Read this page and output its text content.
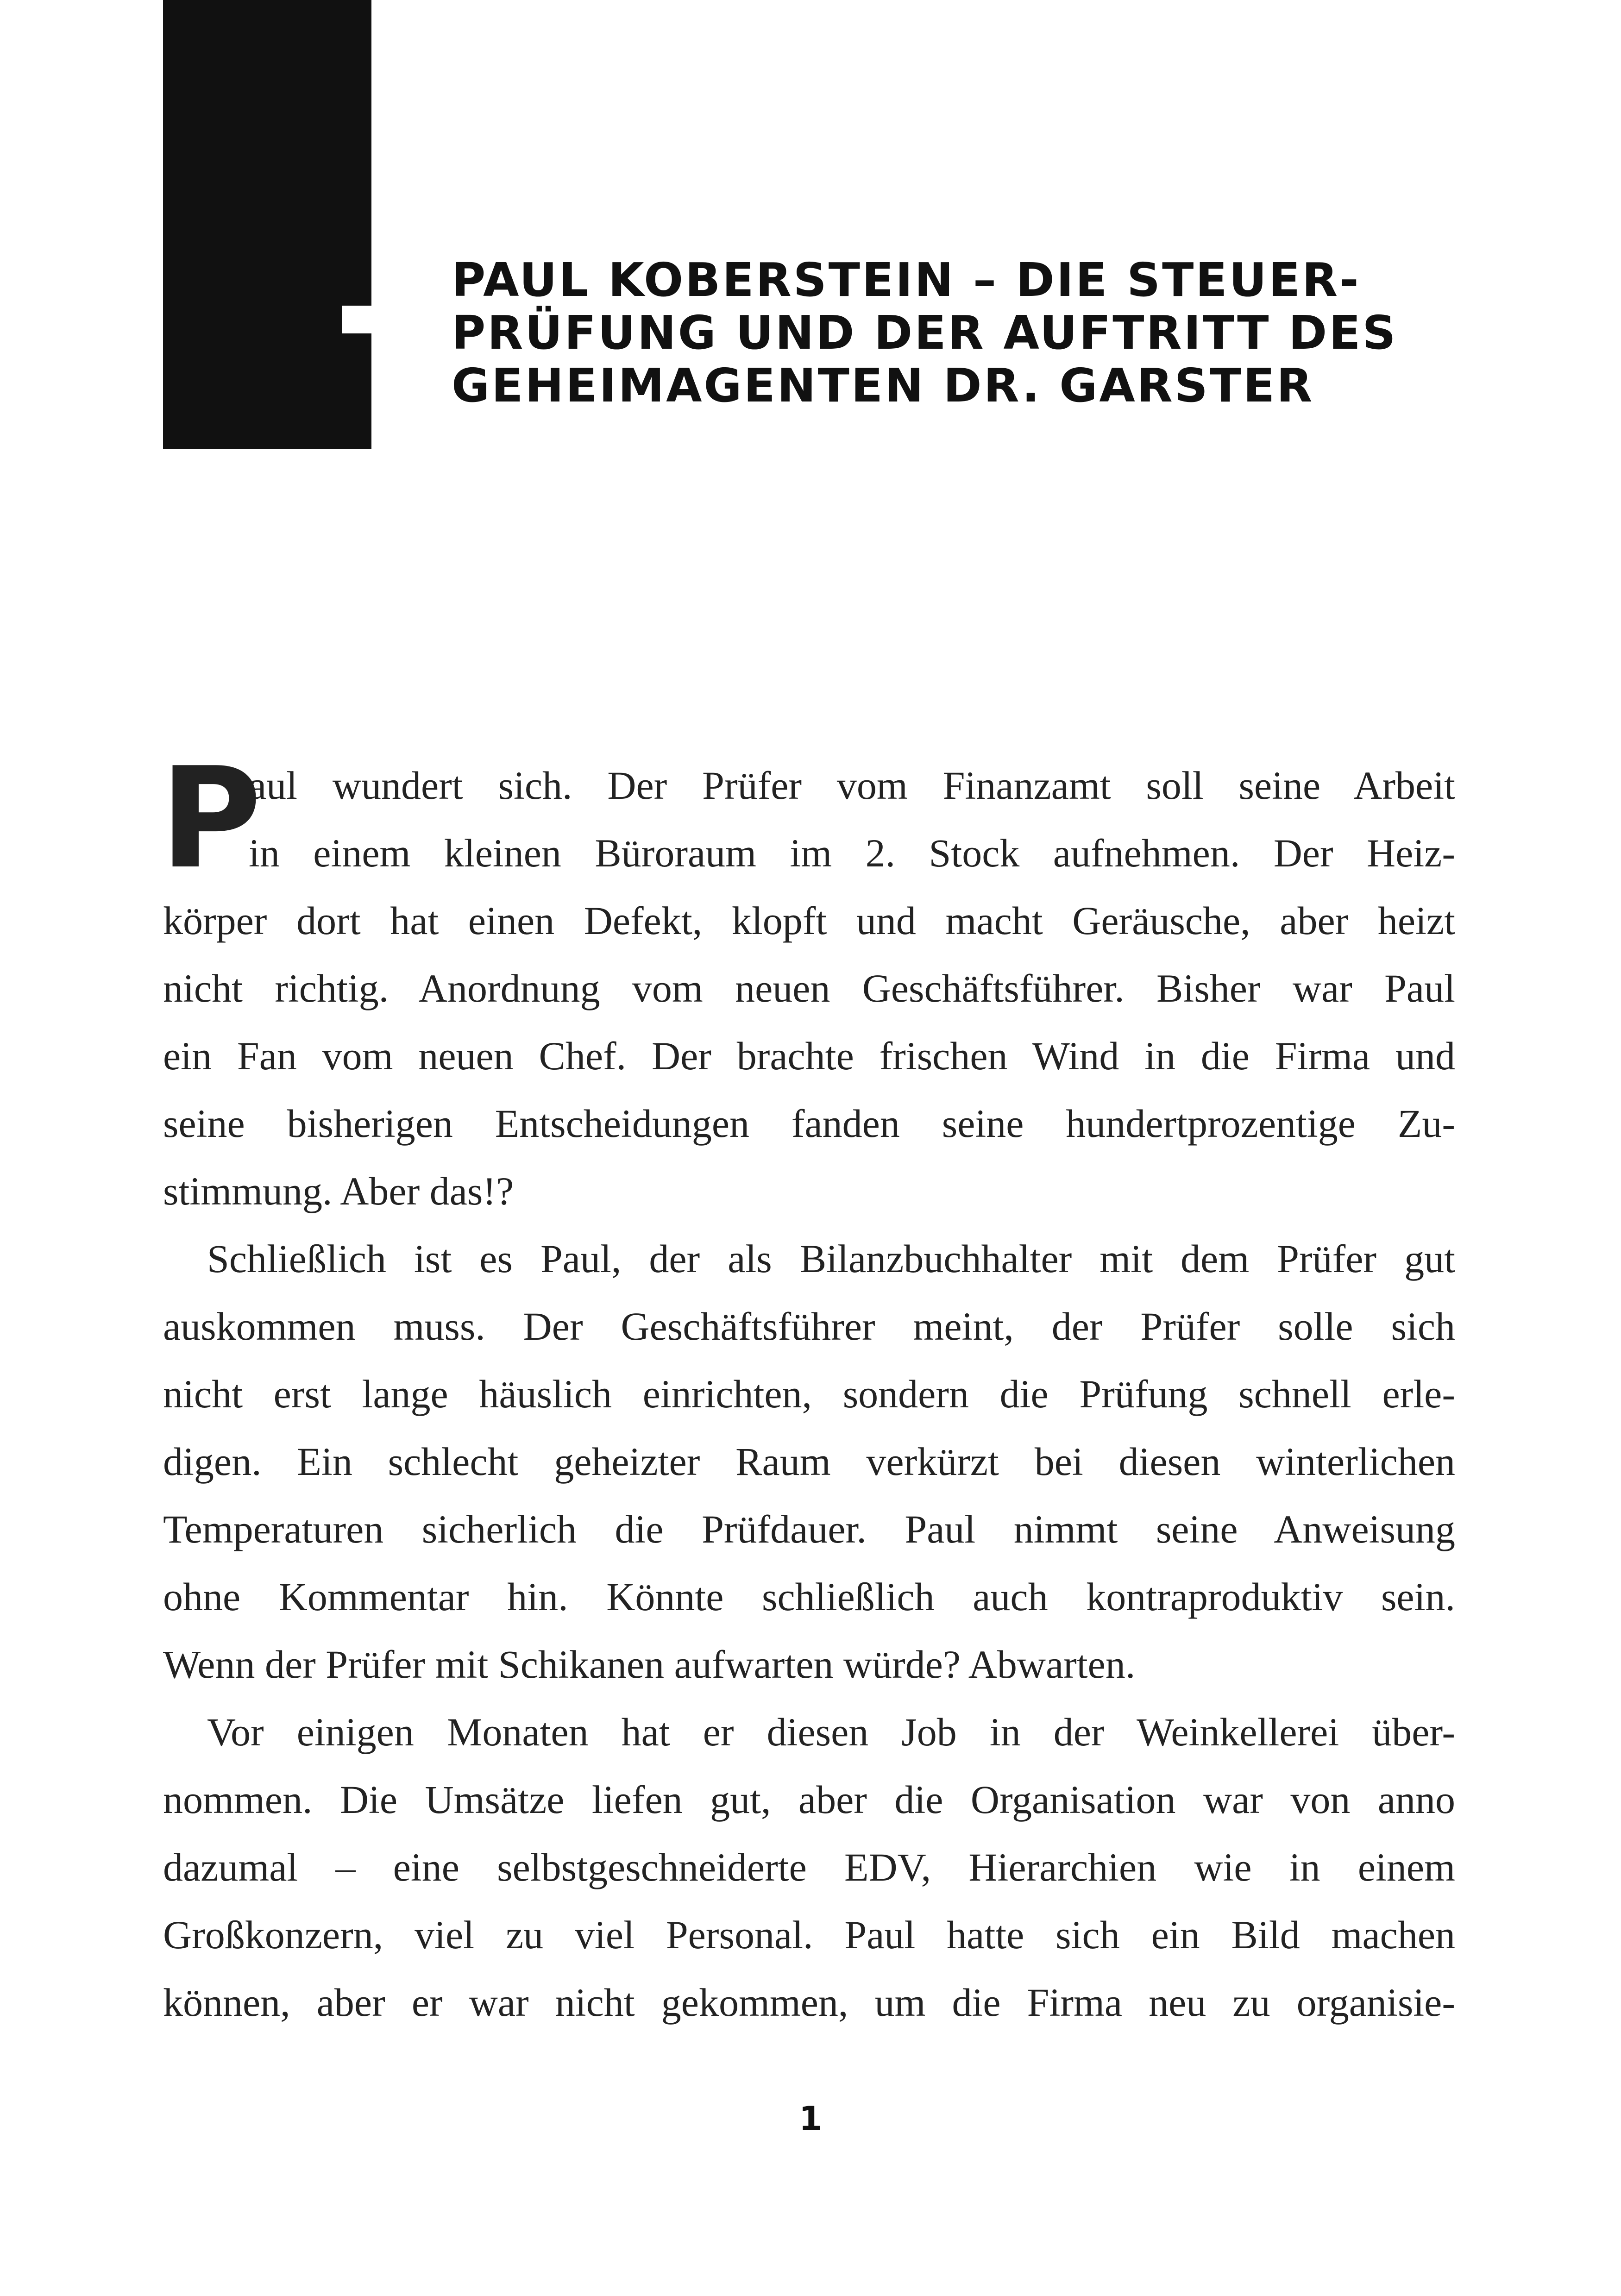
PAUL KOBERSTEIN – DIE STEUER-
PRÜFUNG UND DER AUFTRITT DES
GEHEIMAGENTEN DR. GARSTER
P

aul wundert sich. Der Prüfer vom Finanzamt soll seine Arbeit
in einem kleinen Büroraum im 2. Stock aufnehmen. Der Heiz-
körper dort hat einen Defekt, klopft und macht Geräusche, aber heizt
nicht richtig. Anordnung vom neuen Geschäftsführer. Bisher war Paul
ein Fan vom neuen Chef. Der brachte frischen Wind in die Firma und
seine bisherigen Entscheidungen fanden seine hundertprozentige Zu-
stimmung. Aber das!?

Schließlich ist es Paul, der als Bilanzbuchhalter mit dem Prüfer gut
auskommen muss. Der Geschäftsführer meint, der Prüfer solle sich
nicht erst lange häuslich einrichten, sondern die Prüfung schnell erle-
digen. Ein schlecht geheizter Raum verkürzt bei diesen winterlichen
Temperaturen sicherlich die Prüfdauer. Paul nimmt seine Anweisung
ohne Kommentar hin. Könnte schließlich auch kontraproduktiv sein.
Wenn der Prüfer mit Schikanen aufwarten würde? Abwarten.

Vor einigen Monaten hat er diesen Job in der Weinkellerei über-
nommen. Die Umsätze liefen gut, aber die Organisation war von anno
dazumal – eine selbstgeschneiderte EDV, Hierarchien wie in einem
Großkonzern, viel zu viel Personal. Paul hatte sich ein Bild machen
können, aber er war nicht gekommen, um die Firma neu zu organisie-

1
